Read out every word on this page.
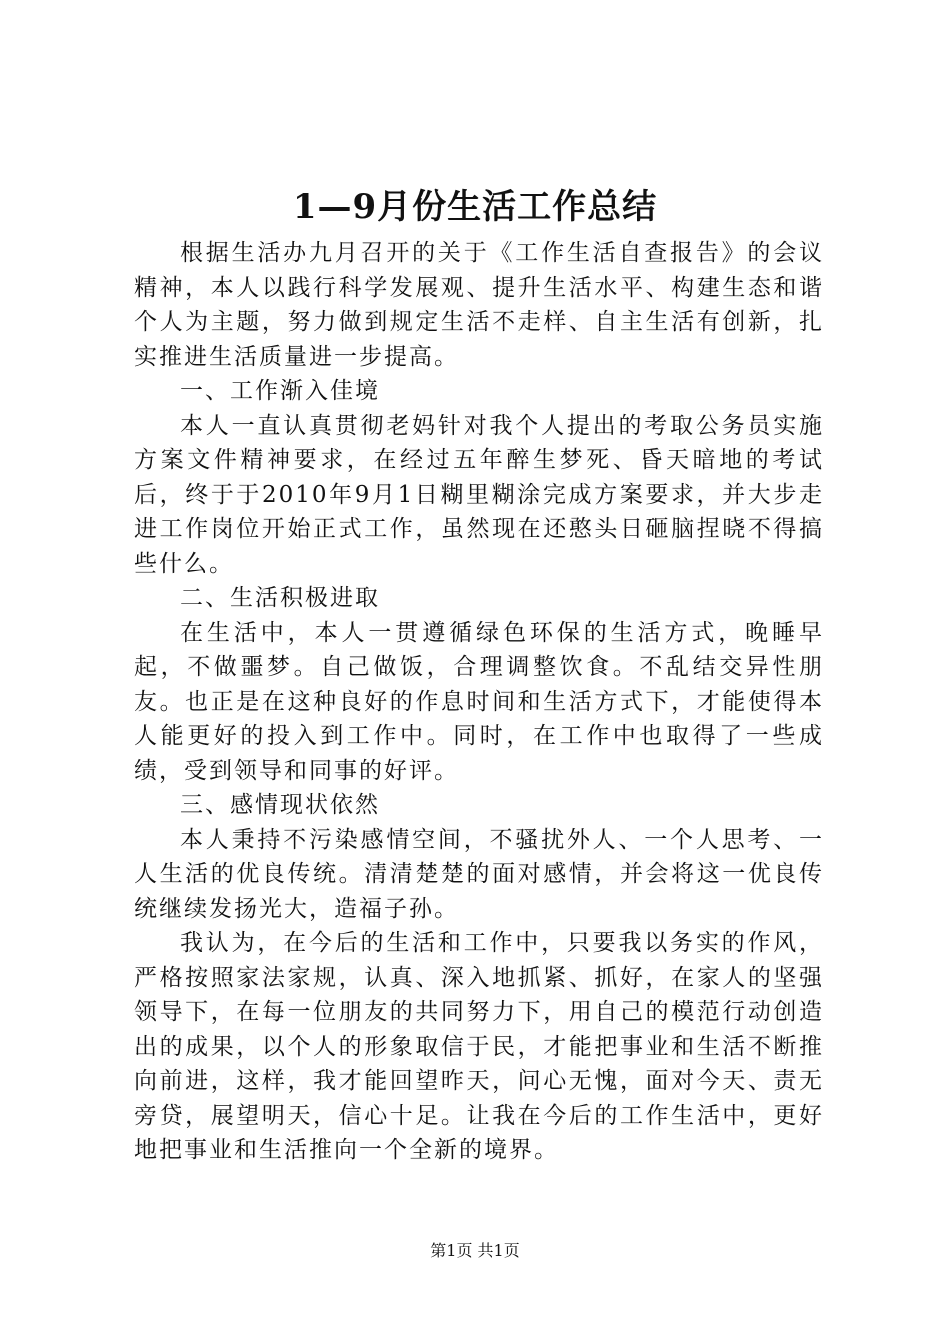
1—9月份生活工作总结

根据生活办九月召开的关于《工作生活自查报告》的会议精神，本人以践行科学发展观、提升生活水平、构建生态和谐个人为主题，努力做到规定生活不走样、自主生活有创新，扎实推进生活质量进一步提高。

一、工作渐入佳境

本人一直认真贯彻老妈针对我个人提出的考取公务员实施方案文件精神要求，在经过五年醉生梦死、昏天暗地的考试后，终于于2010年9月1日糊里糊涂完成方案要求，并大步走进工作岗位开始正式工作，虽然现在还憨头日砸脑捏晓不得搞些什么。

二、生活积极进取

在生活中，本人一贯遵循绿色环保的生活方式，晚睡早起，不做噩梦。自己做饭，合理调整饮食。不乱结交异性朋友。也正是在这种良好的作息时间和生活方式下，才能使得本人能更好的投入到工作中。同时，在工作中也取得了一些成绩，受到领导和同事的好评。

三、感情现状依然

本人秉持不污染感情空间，不骚扰外人、一个人思考、一人生活的优良传统。清清楚楚的面对感情，并会将这一优良传统继续发扬光大，造福子孙。

我认为，在今后的生活和工作中，只要我以务实的作风，严格按照家法家规，认真、深入地抓紧、抓好，在家人的坚强领导下，在每一位朋友的共同努力下，用自己的模范行动创造出的成果，以个人的形象取信于民，才能把事业和生活不断推向前进，这样，我才能回望昨天，问心无愧，面对今天、责无旁贷，展望明天，信心十足。让我在今后的工作生活中，更好地把事业和生活推向一个全新的境界。

第1页 共1页
